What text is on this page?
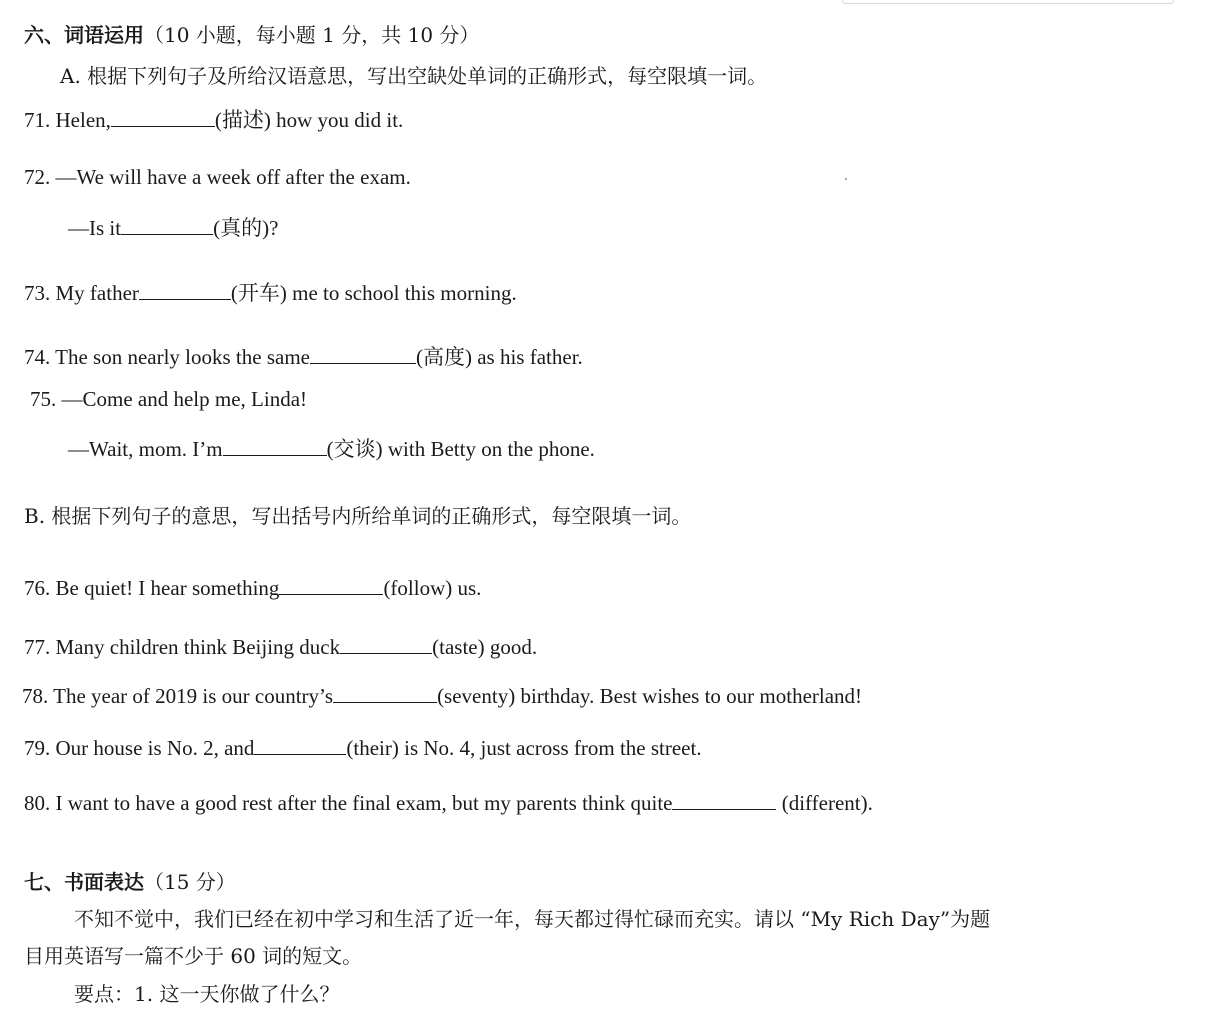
六、词语运用（10 小题，每小题 1 分，共 10 分）
A. 根据下列句子及所给汉语意思，写出空缺处单词的正确形式，每空限填一词。
71. Helen,	(描述) how you did it.
72. —We will have a week off after the exam.
—Is it	(真的)?
73. My father	(开车) me to school this morning.
74. The son nearly looks the same	(高度) as his father.
75. —Come and help me, Linda!
—Wait, mom. I’m	(交谈) with Betty on the phone.
B. 根据下列句子的意思，写出括号内所给单词的正确形式，每空限填一词。
76. Be quiet! I hear something	(follow) us.
77. Many children think Beijing duck	(taste) good.
78. The year of 2019 is our country’s	(seventy) birthday. Best wishes to our motherland!
79. Our house is No. 2, and	(their) is No. 4, just across from the street.
80. I want to have a good rest after the final exam, but my parents think quite	(different).
七、书面表达（15 分）
不知不觉中，我们已经在初中学习和生活了近一年，每天都过得忙碌而充实。请以 “My Rich Day”为题
目用英语写一篇不少于 60 词的短文。
要点：1. 这一天你做了什么？
